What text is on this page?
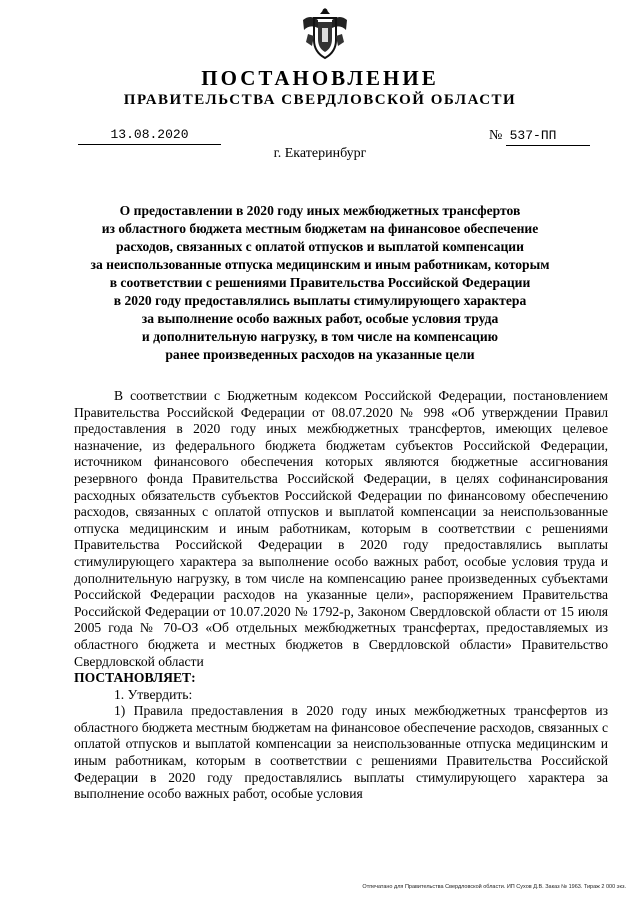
ПОСТАНОВЛЕНИЕ
ПРАВИТЕЛЬСТВА СВЕРДЛОВСКОЙ ОБЛАСТИ
13.08.2020	№ 537-ПП
г. Екатеринбург
О предоставлении в 2020 году иных межбюджетных трансфертов
из областного бюджета местным бюджетам на финансовое обеспечение
расходов, связанных с оплатой отпусков и выплатой компенсации
за неиспользованные отпуска медицинским и иным работникам, которым
в соответствии с решениями Правительства Российской Федерации
в 2020 году предоставлялись выплаты стимулирующего характера
за выполнение особо важных работ, особые условия труда
и дополнительную нагрузку, в том числе на компенсацию
ранее произведенных расходов на указанные цели

В соответствии с Бюджетным кодексом Российской Федерации, постановлением Правительства Российской Федерации от 08.07.2020 № 998 «Об утверждении Правил предоставления в 2020 году иных межбюджетных трансфертов, имеющих целевое назначение, из федерального бюджета бюджетам субъектов Российской Федерации, источником финансового обеспечения которых являются бюджетные ассигнования резервного фонда Правительства Российской Федерации, в целях софинансирования расходных обязательств субъектов Российской Федерации по финансовому обеспечению расходов, связанных с оплатой отпусков и выплатой компенсации за неиспользованные отпуска медицинским и иным работникам, которым в соответствии с решениями Правительства Российской Федерации в 2020 году предоставлялись выплаты стимулирующего характера за выполнение особо важных работ, особые условия труда и дополнительную нагрузку, в том числе на компенсацию ранее произведенных субъектами Российской Федерации расходов на указанные цели», распоряжением Правительства Российской Федерации от 10.07.2020 № 1792-р, Законом Свердловской области от 15 июля 2005 года № 70-ОЗ «Об отдельных межбюджетных трансфертах, предоставляемых из областного бюджета и местных бюджетов в Свердловской области» Правительство Свердловской области

ПОСТАНОВЛЯЕТ:

1. Утвердить:

1) Правила предоставления в 2020 году иных межбюджетных трансфертов из областного бюджета местным бюджетам на финансовое обеспечение расходов, связанных с оплатой отпусков и выплатой компенсации за неиспользованные отпуска медицинским и иным работникам, которым в соответствии с решениями Правительства Российской Федерации в 2020 году предоставлялись выплаты стимулирующего характера за выполнение особо важных работ, особые условия

Отпечатано для Правительства Свердловской области. ИП Сухов Д.В. Заказ № 1963. Тираж 2 000 экз.
